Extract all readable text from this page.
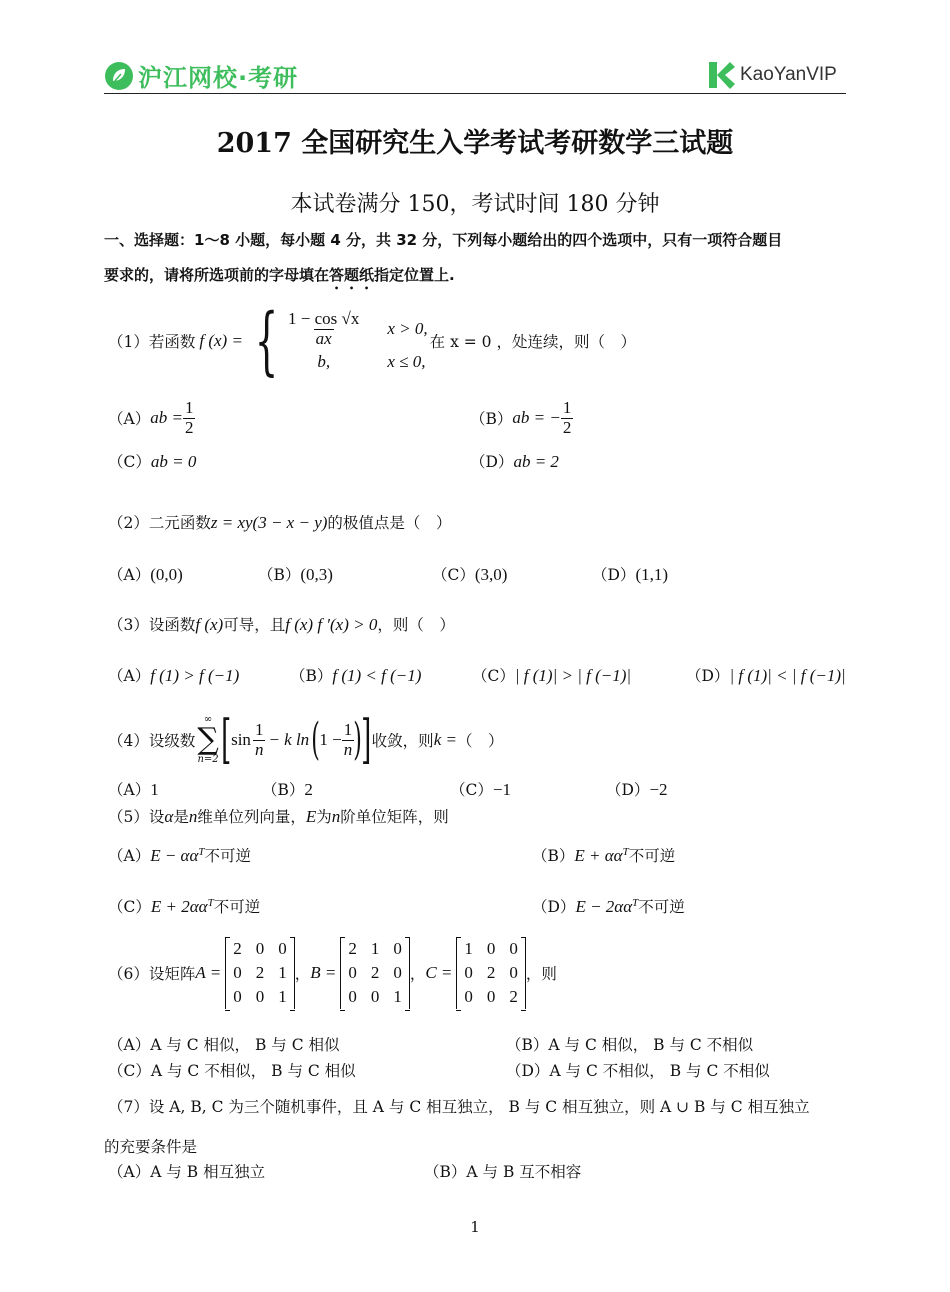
沪江网校·考研	KaoYanVIP
2017 全国研究生入学考试考研数学三试题
本试卷满分 150，考试时间 180 分钟
一、选择题：1～8 小题，每小题 4 分，共 32 分，下列每小题给出的四个选项中，只有一项符合题目
要求的，请将所选项前的字母填在答题纸指定位置上.
（1）若函数 f (x) = { $\frac{1 - \cos √x}{ax}$ x > 0,
b,	x ≤ 0,
在 x = 0 ，处连续，则（　）
（A） ab = $\frac{1}{2}$	（B） ab = − $\frac{1}{2}$
（C）ab = 0	（D）ab = 2
（2）二元函数z = xy(3 − x − y)的极值点是（　）
（A）(0,0)	（B）(0,3)	（C）(3,0)	（D）(1,1)
（3）设函数f (x)可导，且f (x) f ′(x) > 0，则（　）
（A）f (1) > f (−1)	（B）f (1) < f (−1)	（C）| f (1)| > | f (−1)|	（D）| f (1)| < | f (−1)|
（4）设级数
∞
∑
n=2 [ $\sin \frac{1}{n} - k$ ln ( $1 - \frac{1}{n}$ ) ] 收敛，则 k = （　）
（A）1	（B）2	（C）−1	（D）−2
（5）设α是n维单位列向量，E为n阶单位矩阵，则
$(A)E - \alpha\alpha^T$不可逆	$(B)E + \alpha\alpha^T$不可逆
$(C)E + 2\alpha\alpha^T$不可逆	$(D)E - 2\alpha\alpha^T$不可逆
（6）设矩阵 A =
2	0	0
0	2	1
0	0	1
， B =
2	1	0
0	2	0
0	0	1
， C =
1	0	0
0	2	0
0	0	2
，则
（A）A 与 C 相似， B 与 C 相似	（B）A 与 C 相似， B 与 C 不相似
（C）A 与 C 不相似， B 与 C 相似	（D）A 与 C 不相似， B 与 C 不相似
（7）设 A, B, C 为三个随机事件，且 A 与 C 相互独立， B 与 C 相互独立，则 A ∪ B 与 C 相互独立
的充要条件是
（A）A 与 B 相互独立	（B）A 与 B 互不相容
1
